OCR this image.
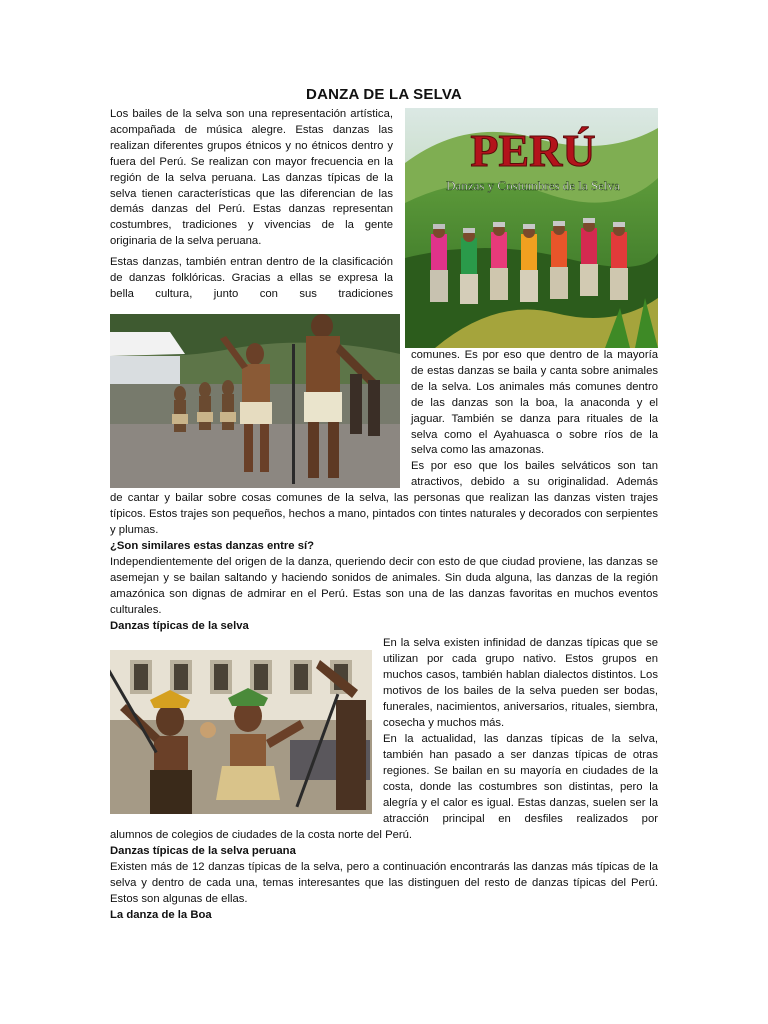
DANZA DE LA SELVA

Los bailes de la selva son una representación artística, acompañada de música alegre. Estas danzas las realizan diferentes grupos étnicos y no étnicos dentro y fuera del Perú. Se realizan con mayor frecuencia en la región de la selva peruana. Las danzas típicas de la selva tienen características que las diferencian de las demás danzas del Perú. Estas danzas representan costumbres, tradiciones y vivencias de la gente originaria de la selva peruana.

Estas danzas, también entran dentro de la clasificación de danzas folklóricas. Gracias a ellas se expresa la bella cultura, junto con sus tradiciones

PERÚ
Danzas y Costumbres de la Selva

comunes. Es por eso que dentro de la mayoría de estas danzas se baila y canta sobre animales de la selva. Los animales más comunes dentro de las danzas son la boa, la anaconda y el jaguar. También se danza para rituales de la selva como el Ayahuasca o sobre ríos de la selva como las amazonas.

Es por eso que los bailes selváticos son tan atractivos, debido a su originalidad. Además

de cantar y bailar sobre cosas comunes de la selva, las personas que realizan las danzas visten trajes típicos. Estos trajes son pequeños, hechos a mano, pintados con tintes naturales y decorados con serpientes y plumas.

¿Son similares estas danzas entre sí?

Independientemente del origen de la danza, queriendo decir con esto de que ciudad proviene, las danzas se asemejan y se bailan saltando y haciendo sonidos de animales. Sin duda alguna, las danzas de la región amazónica son dignas de admirar en el Perú. Estas son una de las danzas favoritas en muchos eventos culturales.

Danzas típicas de la selva

En la selva existen infinidad de danzas típicas que se utilizan por cada grupo nativo. Estos grupos en muchos casos, también hablan dialectos distintos. Los motivos de los bailes de la selva pueden ser bodas, funerales, nacimientos, aniversarios, rituales, siembra, cosecha y muchos más.

En la actualidad, las danzas típicas de la selva, también han pasado a ser danzas típicas de otras regiones. Se bailan en su mayoría en ciudades de la costa, donde las costumbres son distintas, pero la alegría y el calor es igual. Estas danzas, suelen ser la atracción principal en desfiles realizados por

alumnos de colegios de ciudades de la costa norte del Perú.

Danzas típicas de la selva peruana

Existen más de 12 danzas típicas de la selva, pero a continuación encontrarás las danzas más típicas de la selva y dentro de cada una, temas interesantes que las distinguen del resto de danzas típicas del Perú. Estos son algunas de ellas.

La danza de la Boa
